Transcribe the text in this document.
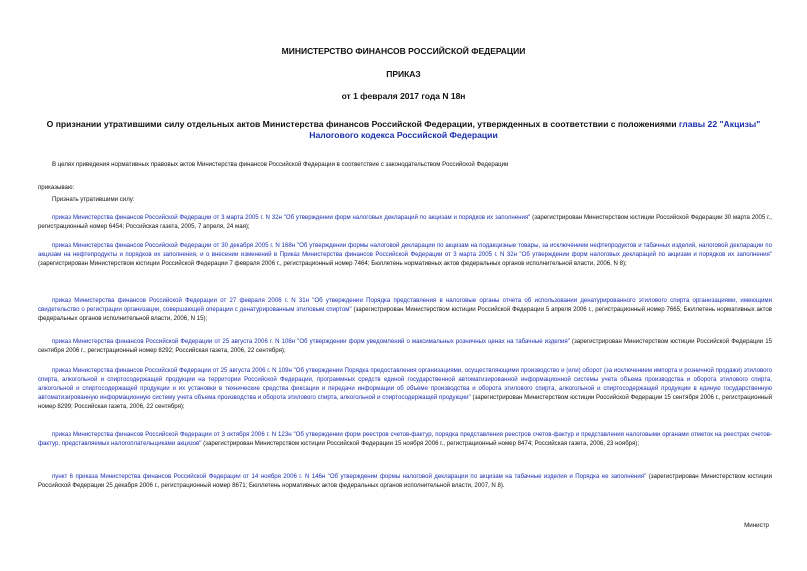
МИНИСТЕРСТВО ФИНАНСОВ РОССИЙСКОЙ ФЕДЕРАЦИИ
ПРИКАЗ
от 1 февраля 2017 года N 18н
О признании утратившими силу отдельных актов Министерства финансов Российской Федерации, утвержденных в соответствии с положениями главы 22 "Акцизы" Налогового кодекса Российской Федерации
В целях приведения нормативных правовых актов Министерства финансов Российской Федерации в соответствие с законодательством Российской Федерации
приказываю:
Признать утратившими силу:
приказ Министерства финансов Российской Федерации от 3 марта 2005 г. N 32н "Об утверждении форм налоговых деклараций по акцизам и порядков их заполнения" (зарегистрирован Министерством юстиции Российской Федерации 30 марта 2005 г., регистрационный номер 6454; Российская газета, 2005, 7 апреля, 24 мая);
приказ Министерства финансов Российской Федерации от 30 декабря 2005 г. N 168н "Об утверждении формы налоговой декларации по акцизам на подакцизные товары, за исключением нефтепродуктов и табачных изделий, налоговой декларации по акцизам на нефтепродукты и порядков их заполнения, и о внесении изменений в Приказ Министерства финансов Российской Федерации от 3 марта 2005 г. N 32н "Об утверждении форм налоговых деклараций по акцизам и порядков их заполнения" (зарегистрирован Министерством юстиции Российской Федерации 7 февраля 2006 г., регистрационный номер 7464; Бюллетень нормативных актов федеральных органов исполнительной власти, 2006, N 8);
приказ Министерства финансов Российской Федерации от 27 февраля 2006 г. N 31н "Об утверждении Порядка представления в налоговые органы отчета об использовании денатурированного этилового спирта организациями, имеющими свидетельство о регистрации организации, совершающей операции с денатурированным этиловым спиртом" (зарегистрирован Министерством юстиции Российской Федерации 5 апреля 2006 г., регистрационный номер 7665; Бюллетень нормативных актов федеральных органов исполнительной власти, 2006, N 15);
приказ Министерства финансов Российской Федерации от 25 августа 2006 г. N 108н "Об утверждении форм уведомлений о максимальных розничных ценах на табачные изделия" (зарегистрирован Министерством юстиции Российской Федерации 15 сентября 2006 г., регистрационный номер 8292; Российская газета, 2006, 22 сентября);
приказ Министерства финансов Российской Федерации от 25 августа 2006 г. N 109н "Об утверждении Порядка предоставления организациями, осуществляющими производство и (или) оборот (за исключением импорта и розничной продажи) этилового спирта, алкогольной и спиртосодержащей продукции на территории Российской Федерации, программных средств единой государственной автоматизированной информационной системы учета объема производства и оборота этилового спирта, алкогольной и спиртосодержащей продукции и их установки в технические средства фиксации и передачи информации об объеме производства и оборота этилового спирта, алкогольной и спиртосодержащей продукции в единую государственную автоматизированную информационную систему учета объема производства и оборота этилового спирта, алкогольной и спиртосодержащей продукции" (зарегистрирован Министерством юстиции Российской Федерации 15 сентября 2006 г., регистрационный номер 8299; Российская газета, 2006, 22 сентября);
приказ Министерства финансов Российской Федерации от 3 октября 2006 г. N 123н "Об утверждении форм реестров счетов-фактур, порядка представления реестров счетов-фактур и представления налоговыми органами отметок на реестрах счетов-фактур, представляемых налогоплательщиками акцизов" (зарегистрирован Министерством юстиции Российской Федерации 15 ноября 2006 г., регистрационный номер 8474; Российская газета, 2006, 23 ноября);
пункт 6 приказа Министерства финансов Российской Федерации от 14 ноября 2006 г. N 146н "Об утверждении формы налоговой декларации по акцизам на табачные изделия и Порядка ее заполнения" (зарегистрирован Министерством юстиции Российской Федерации 25 декабря 2006 г., регистрационный номер 8671; Бюллетень нормативных актов федеральных органов исполнительной власти, 2007, N 8).
Министр
